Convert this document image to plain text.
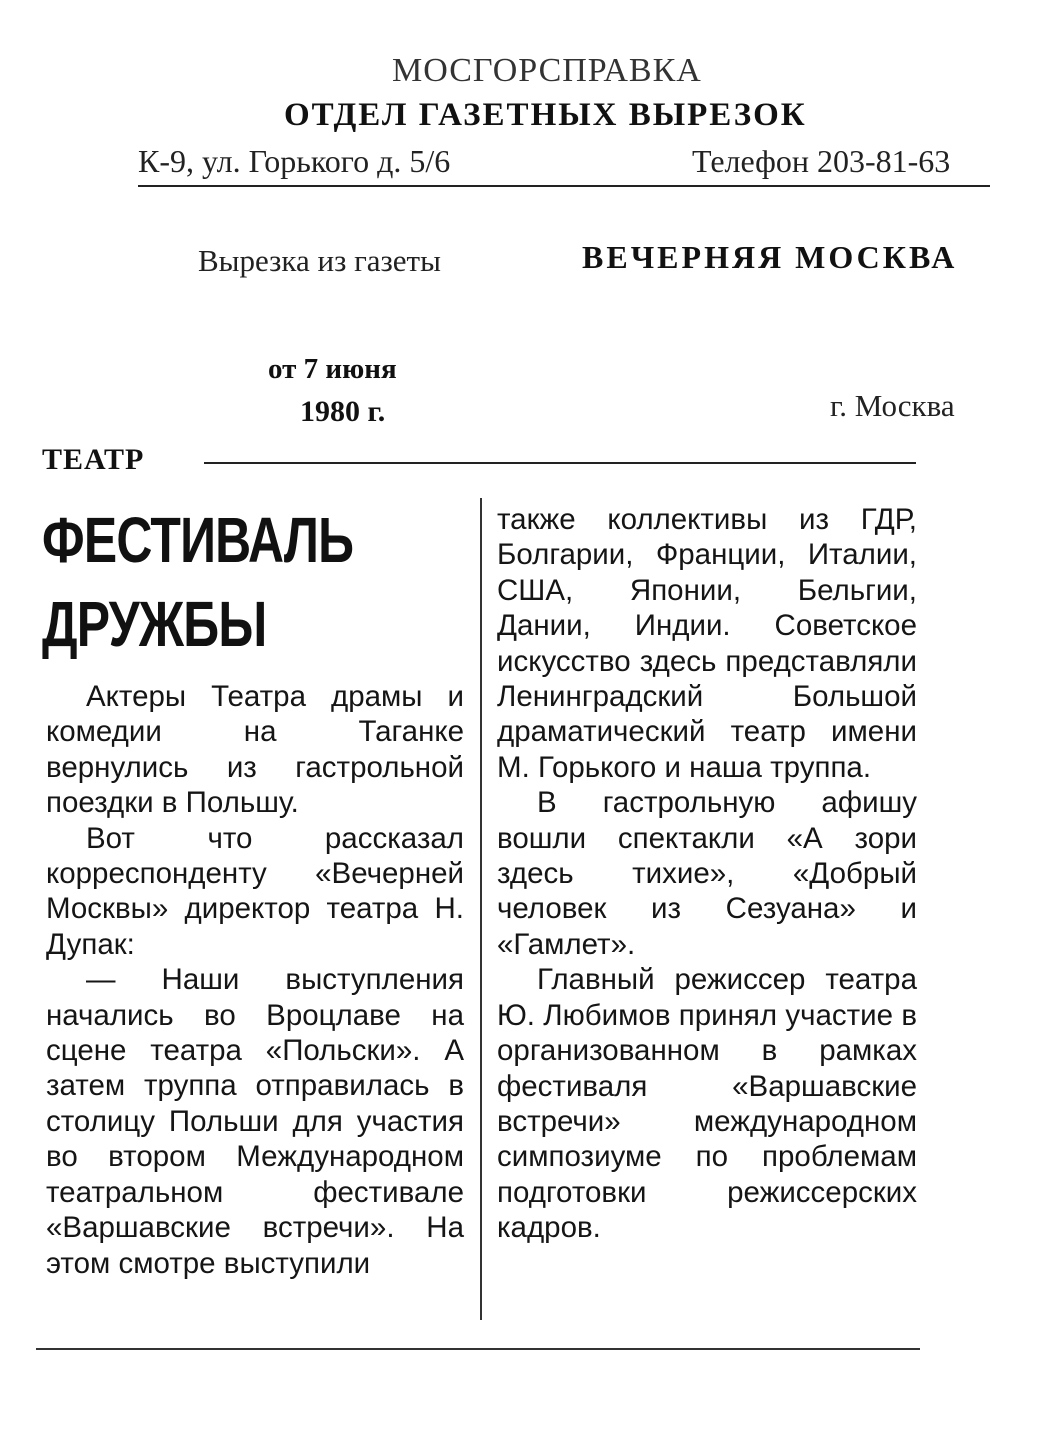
МОСГОРСПРАВКА
ОТДЕЛ ГАЗЕТНЫХ ВЫРЕЗОК
К-9, ул. Горького д. 5/6	Телефон 203-81-63
Вырезка из газеты	ВЕЧЕРНЯЯ МОСКВА
от 7 июня
1980 г.	г. Москва
ТЕАТР
ФЕСТИВАЛЬ ДРУЖБЫ

Актеры Театра драмы и комедии на Таганке вернулись из гастрольной поездки в Польшу.

Вот что рассказал корреспонденту «Вечерней Москвы» директор театра Н. Дупак:

— Наши выступления начались во Вроцлаве на сцене театра «Польски». А затем труппа отправилась в столицу Польши для участия во втором Международном театральном фестивале «Варшавские встречи». На этом смотре выступили

также коллективы из ГДР, Болгарии, Франции, Италии, США, Японии, Бельгии, Дании, Индии. Советское искусство здесь представляли Ленинградский Большой драматический театр имени М. Горького и наша труппа.

В гастрольную афишу вошли спектакли «А зори здесь тихие», «Добрый человек из Сезуана» и «Гамлет».

Главный режиссер театра Ю. Любимов принял участие в организованном в рамках фестиваля «Варшавские встречи» международном симпозиуме по проблемам подготовки режиссерских кадров.
